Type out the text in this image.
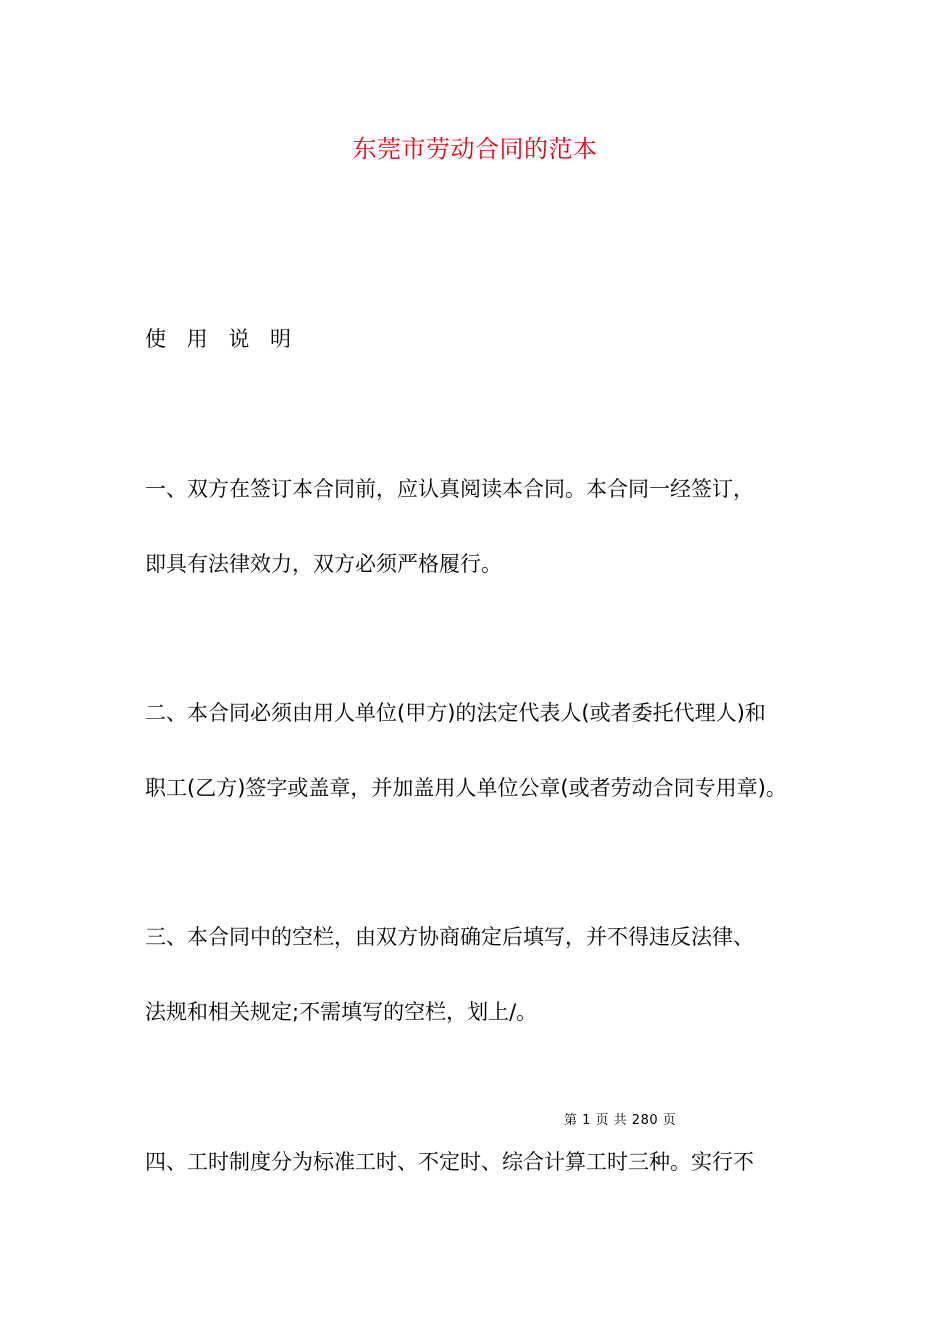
东莞市劳动合同的范本
使 用 说 明
一、双方在签订本合同前，应认真阅读本合同。本合同一经签订，
即具有法律效力，双方必须严格履行。
二、本合同必须由用人单位(甲方)的法定代表人(或者委托代理人)和
职工(乙方)签字或盖章，并加盖用人单位公章(或者劳动合同专用章)。
三、本合同中的空栏，由双方协商确定后填写，并不得违反法律、
法规和相关规定;不需填写的空栏，划上/。
第 1 页 共 280 页
四、工时制度分为标准工时、不定时、综合计算工时三种。实行不
